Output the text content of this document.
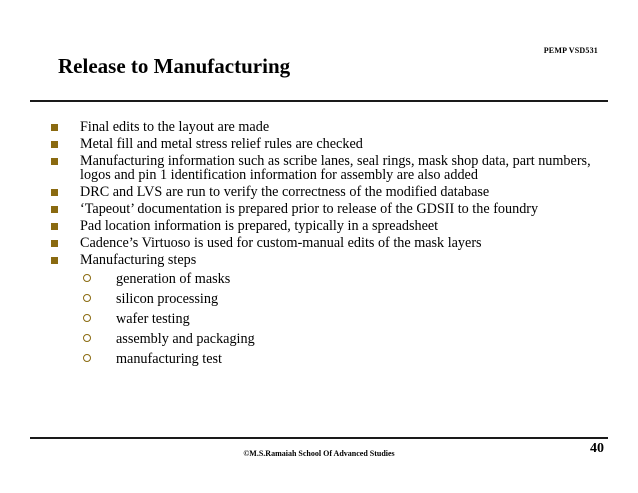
PEMP VSD531
Release to Manufacturing
Final edits to the layout are made
Metal fill and metal stress relief rules are checked
Manufacturing information such as scribe lanes, seal rings, mask shop data, part numbers, logos and pin 1 identification information for assembly are also added
DRC and LVS are run to verify the correctness of the modified database
‘Tapeout’ documentation is prepared prior to release of the GDSII to the foundry
Pad location information is prepared, typically in a spreadsheet
Cadence’s Virtuoso is used for custom-manual edits of the mask layers
Manufacturing steps
generation of masks
silicon processing
wafer testing
assembly and packaging
manufacturing test
©M.S.Ramaiah School Of Advanced Studies	40
